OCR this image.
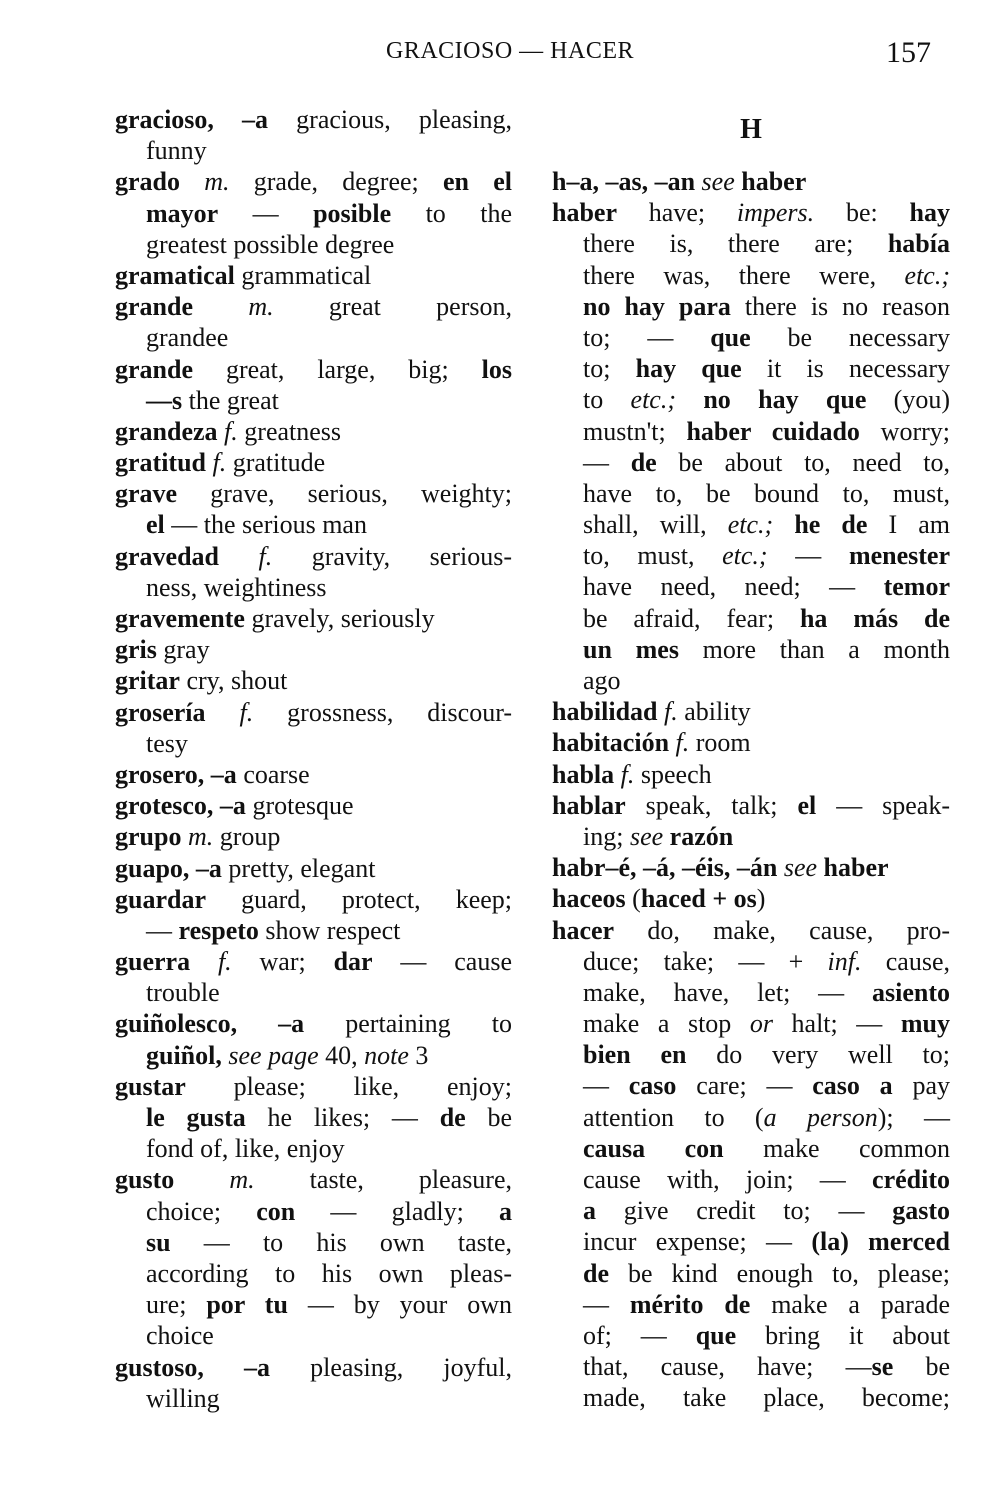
GRACIOSO — HACER	157
H
gracioso, –a gracious, pleasing,
funny
grado m. grade, degree; en el
mayor — posible to the
greatest possible degree
gramatical grammatical
grande m. great person,
grandee
grande great, large, big; los
—s the great
grandeza f. greatness
gratitud f. gratitude
grave grave, serious, weighty;
el — the serious man
gravedad f. gravity, serious-
ness, weightiness
gravemente gravely, seriously
gris gray
gritar cry, shout
grosería f. grossness, discour-
tesy
grosero, –a coarse
grotesco, –a grotesque
grupo m. group
guapo, –a pretty, elegant
guardar guard, protect, keep;
— respeto show respect
guerra f. war; dar — cause
trouble
guiñolesco, –a pertaining to
guiñol, see page 40, note 3
gustar please; like, enjoy;
le gusta he likes; — de be
fond of, like, enjoy
gusto m. taste, pleasure,
choice; con — gladly; a
su — to his own taste,
according to his own pleas-
ure; por tu — by your own
choice
gustoso, –a pleasing, joyful,
willing
h–a, –as, –an see haber
haber have; impers. be: hay
there is, there are; había
there was, there were, etc.;
no hay para there is no reason
to; — que be necessary
to; hay que it is necessary
to etc.; no hay que (you)
mustn't; haber cuidado worry;
— de be about to, need to,
have to, be bound to, must,
shall, will, etc.; he de I am
to, must, etc.; — menester
have need, need; — temor
be afraid, fear; ha más de
un mes more than a month
ago
habilidad f. ability
habitación f. room
habla f. speech
hablar speak, talk; el — speak-
ing; see razón
habr–é, –á, –éis, –án see haber
haceos (haced + os)
hacer do, make, cause, pro-
duce; take; — + inf. cause,
make, have, let; — asiento
make a stop or halt; — muy
bien en do very well to;
— caso care; — caso a pay
attention to (a person); —
causa con make common
cause with, join; — crédito
a give credit to; — gasto
incur expense; — (la) merced
de be kind enough to, please;
— mérito de make a parade
of; — que bring it about
that, cause, have; —se be
made, take place, become;
